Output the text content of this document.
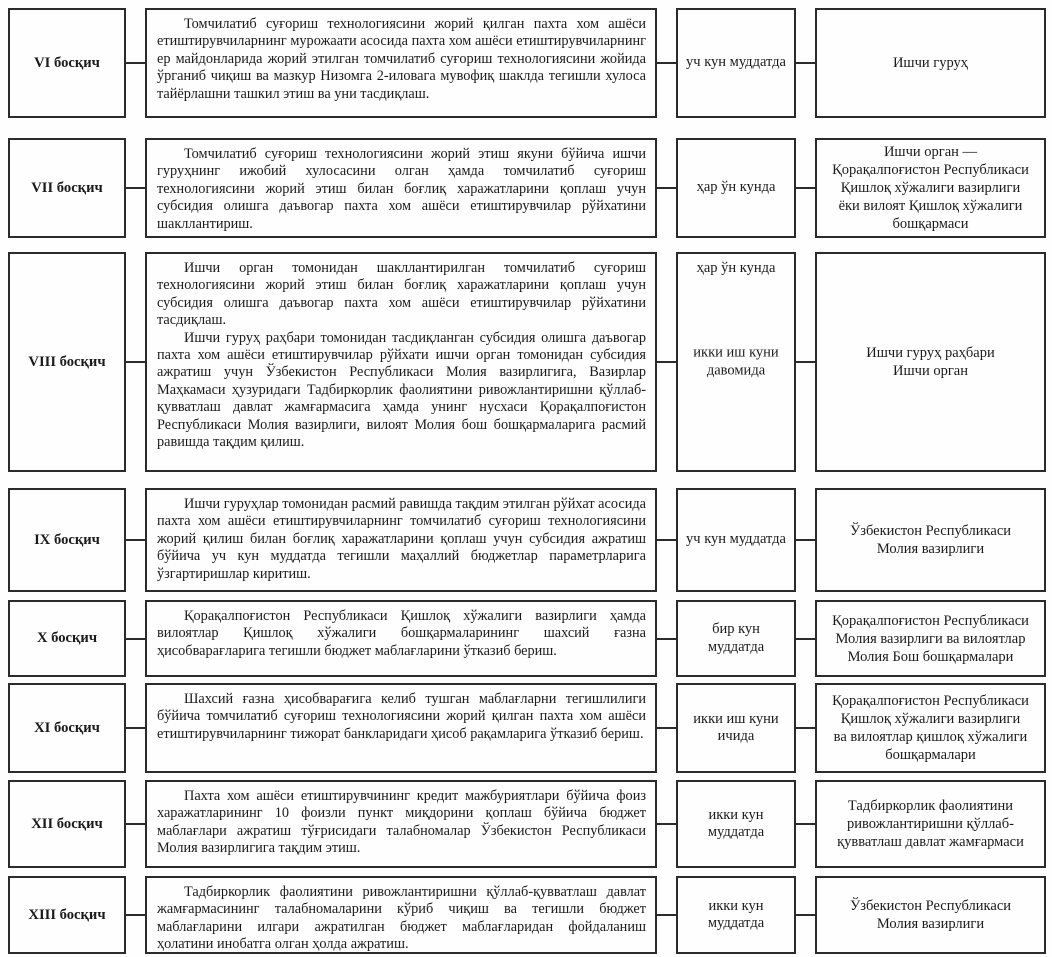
VI босқич

Томчилатиб суғориш технологиясини жорий қилган пахта хом ашёси етиштирувчиларнинг мурожаати асосида пахта хом ашёси етиштирувчиларнинг ер майдонларида жорий этилган томчилатиб суғориш технологиясини жойида ўрганиб чиқиш ва мазкур Низомга 2-иловага мувофиқ шаклда тегишли хулоса тайёрлашни ташкил этиш ва уни тасдиқлаш.

уч кун муддатда	Ишчи гуруҳ
VII босқич

Томчилатиб суғориш технологиясини жорий этиш якуни бўйича ишчи гуруҳнинг ижобий хулосасини олган ҳамда томчилатиб суғориш технологиясини жорий этиш билан боғлиқ харажатларини қоплаш учун субсидия олишга даъвогар пахта хом ашёси етиштирувчилар рўйхатини шакллантириш.

ҳар ўн кунда
Ишчи орган —
Қорақалпоғистон Республикаси
Қишлоқ хўжалиги вазирлиги
ёки вилоят Қишлоқ хўжалиги
бошқармаси
VIII босқич

Ишчи орган томонидан шакллантирилган томчилатиб суғориш технологиясини жорий этиш билан боғлиқ харажатларини қоплаш учун субсидия олишга даъвогар пахта хом ашёси етиштирувчилар рўйхатини тасдиқлаш.

Ишчи гуруҳ раҳбари томонидан тасдиқланган субсидия олишга даъвогар пахта хом ашёси етиштирувчилар рўйхати ишчи орган томонидан субсидия ажратиш учун Ўзбекистон Республикаси Молия вазирлигига, Вазирлар Маҳкамаси ҳузуридаги Тадбиркорлик фаолиятини ривожлантиришни қўллаб-қувватлаш давлат жамғармасига ҳамда унинг нусхаси Қорақалпоғистон Республикаси Молия вазирлиги, вилоят Молия бош бошқармаларига расмий равишда тақдим қилиш.

ҳар ўн кунда
икки иш куни давомида
Ишчи гуруҳ раҳбари
Ишчи орган
IX босқич

Ишчи гуруҳлар томонидан расмий равишда тақдим этилган рўйхат асосида пахта хом ашёси етиштирувчиларнинг томчилатиб суғориш технологиясини жорий қилиш билан боғлиқ харажатларини қоплаш учун субсидия ажратиш бўйича уч кун муддатда тегишли маҳаллий бюджетлар параметрларига ўзгартиришлар киритиш.

уч кун муддатда
Ўзбекистон Республикаси
Молия вазирлиги
X босқич

Қорақалпоғистон Республикаси Қишлоқ хўжалиги вазирлиги ҳамда вилоятлар Қишлоқ хўжалиги бошқармаларининг шахсий ғазна ҳисобварағларига тегишли бюджет маблағларини ўтказиб бериш.

бир кун муддатда
Қорақалпоғистон Республикаси
Молия вазирлиги ва вилоятлар
Молия Бош бошқармалари
XI босқич

Шахсий ғазна ҳисобварағига келиб тушган маблағларни тегишлилиги бўйича томчилатиб суғориш технологиясини жорий қилган пахта хом ашёси етиштирувчиларнинг тижорат банкларидаги ҳисоб рақамларига ўтказиб бериш.

икки иш куни ичида
Қорақалпоғистон Республикаси
Қишлоқ хўжалиги вазирлиги
ва вилоятлар қишлоқ хўжалиги
бошқармалари
XII босқич

Пахта хом ашёси етиштирувчининг кредит мажбуриятлари бўйича фоиз харажатларининг 10 фоизли пункт миқдорини қоплаш бўйича бюджет маблағлари ажратиш тўғрисидаги талабномалар Ўзбекистон Республикаси Молия вазирлигига тақдим этиш.

икки кун муддатда
Тадбиркорлик фаолиятини
ривожлантиришни қўллаб-
қувватлаш давлат жамғармаси
XIII босқич

Тадбиркорлик фаолиятини ривожлантиришни қўллаб-қувватлаш давлат жамғармасининг талабномаларини кўриб чиқиш ва тегишли бюджет маблағларини илгари ажратилган бюджет маблағларидан фойдаланиш ҳолатини инобатга олган ҳолда ажратиш.

икки кун муддатда
Ўзбекистон Республикаси
Молия вазирлиги
